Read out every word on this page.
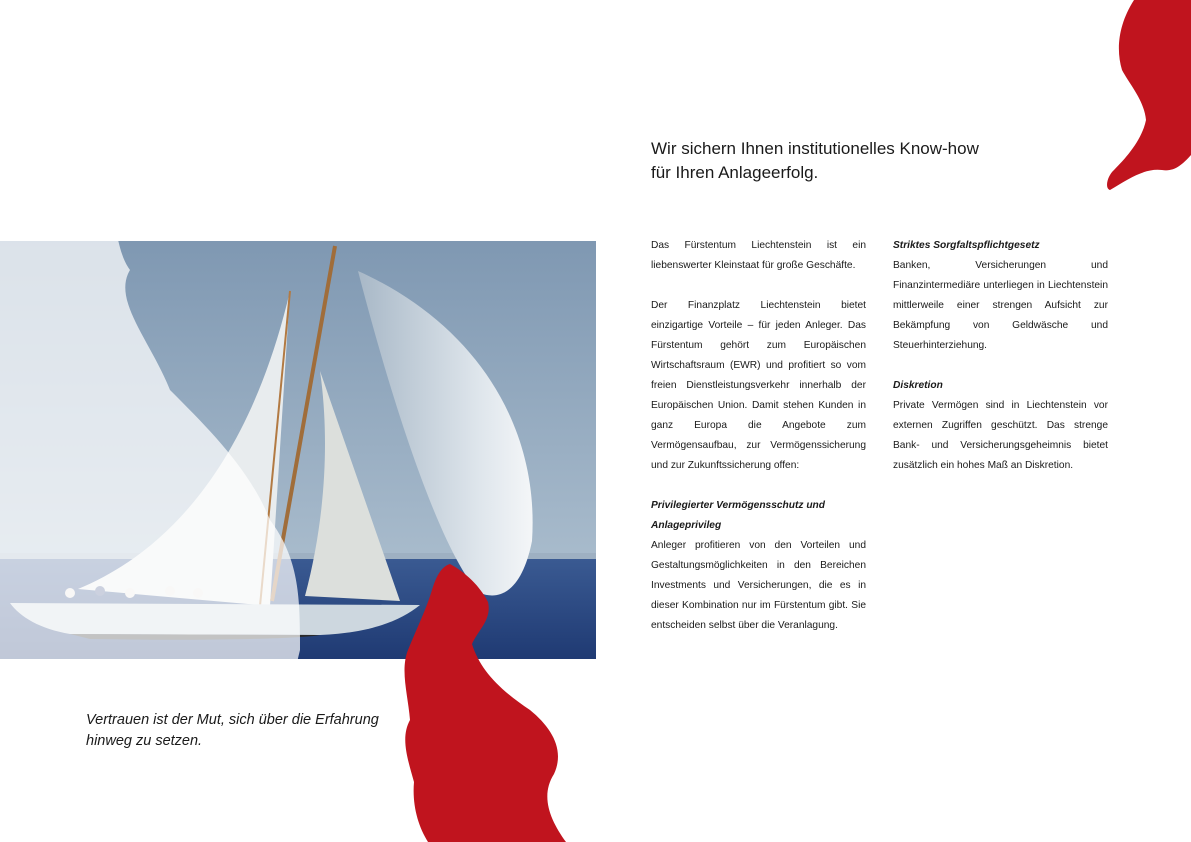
Wir sichern Ihnen institutionelles Know-how
für Ihren Anlageerfolg.

Das Fürstentum Liechtenstein ist ein liebenswerter Kleinstaat für große Geschäfte.

Der Finanzplatz Liechtenstein bietet einzigartige Vorteile – für jeden Anleger. Das Fürstentum gehört zum Europäischen Wirtschaftsraum (EWR) und profitiert so vom freien Dienstleistungsverkehr innerhalb der Europäischen Union. Damit stehen Kunden in ganz Europa die Angebote zum Vermögensaufbau, zur Vermögenssicherung und zur Zukunftssicherung offen:

Privilegierter Vermögensschutz und Anlageprivileg

Anleger profitieren von den Vorteilen und Gestaltungsmöglichkeiten in den Bereichen Investments und Versicherungen, die es in dieser Kombination nur im Fürstentum gibt. Sie entscheiden selbst über die Veranlagung.

Striktes Sorgfaltspflichtgesetz

Banken, Versicherungen und Finanzintermediäre unterliegen in Liechtenstein mittlerweile einer strengen Aufsicht zur Bekämpfung von Geldwäsche und Steuerhinterziehung.

Diskretion

Private Vermögen sind in Liechtenstein vor externen Zugriffen geschützt. Das strenge Bank- und Versicherungsgeheimnis bietet zusätzlich ein hohes Maß an Diskretion.

Vertrauen ist der Mut, sich über die Erfahrung
hinweg zu setzen.
